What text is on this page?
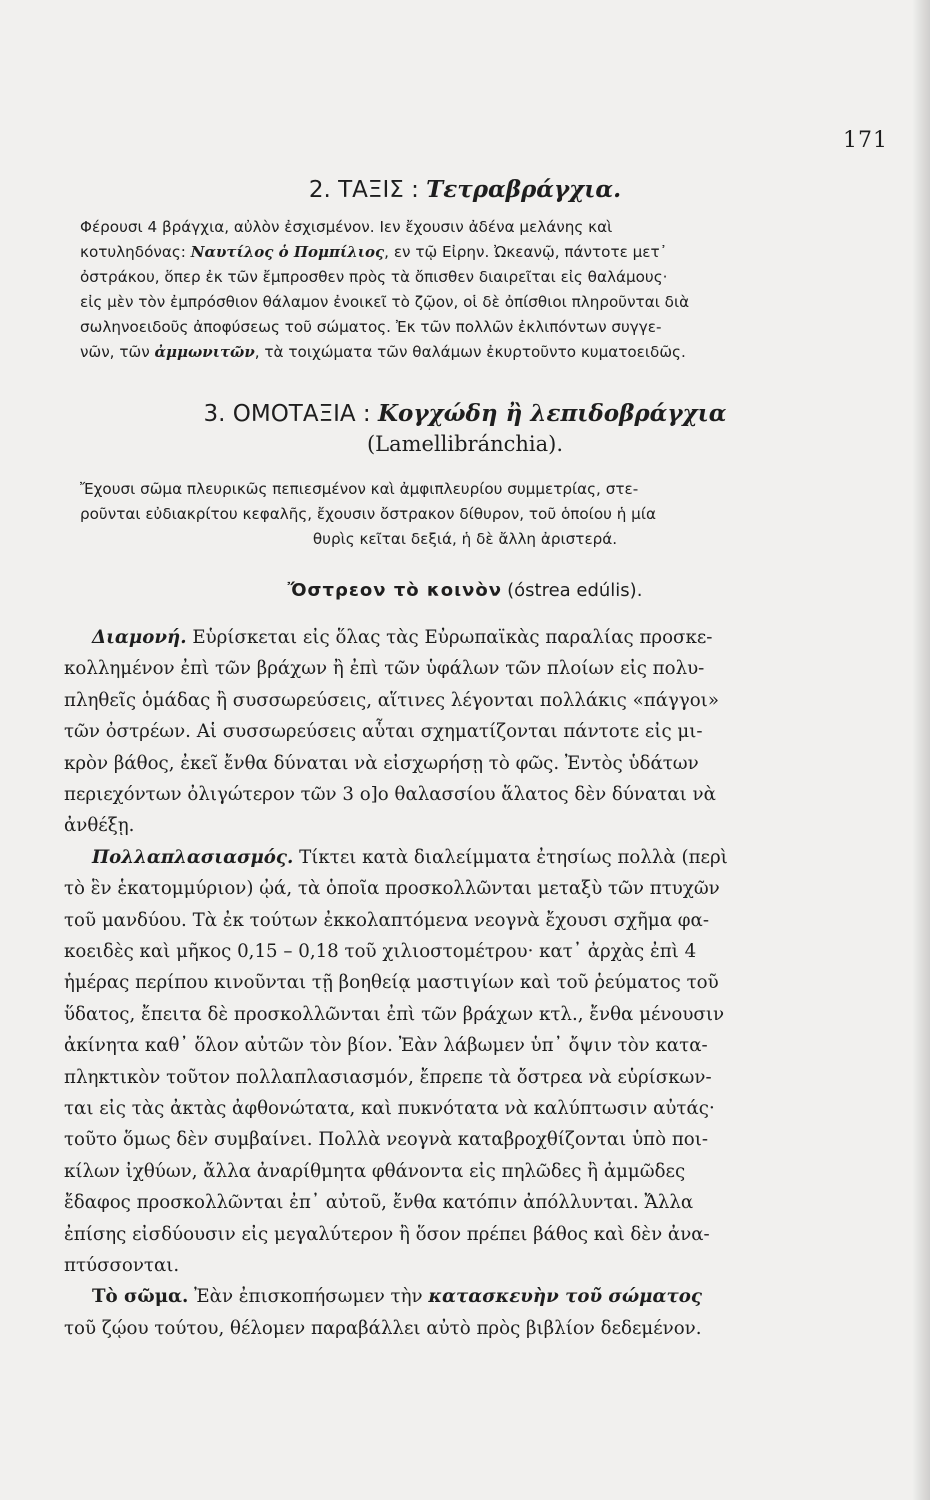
171
2. ΤΑΞΙΣ : Τετραβράγχια.
Φέρουσι 4 βράγχια, αὐλὸν ἐσχισμένον. Ιεν ἔχουσιν ἀδένα μελάνης καὶ
κοτυληδόνας: Ναυτίλος ὁ Πομπίλιος, εν τῷ Εἰρην. Ὠκεανῷ, πάντοτε μετ᾽
ὀστράκου, ὅπερ ἐκ τῶν ἔμπροσθεν πρὸς τὰ ὄπισθεν διαιρεῖται εἰς θαλάμους·
εἰς μὲν τὸν ἐμπρόσθιον θάλαμον ἐνοικεῖ τὸ ζῷον, οἱ δὲ ὀπίσθιοι πληροῦνται διὰ
σωληνοειδοῦς ἀποφύσεως τοῦ σώματος. Ἐκ τῶν πολλῶν ἐκλιπόντων συγγε-
νῶν, τῶν ἀμμωνιτῶν, τὰ τοιχώματα τῶν θαλάμων ἐκυρτοῦντο κυματοειδῶς.
3. ΟΜΟΤΑΞΙΑ : Κογχώδη ἢ λεπιδοβράγχια
(Lamellibránchia).
Ἔχουσι σῶμα πλευρικῶς πεπιεσμένον καὶ ἀμφιπλευρίου συμμετρίας, στε-
ροῦνται εὐδιακρίτου κεφαλῆς, ἔχουσιν ὄστρακον δίθυρον, τοῦ ὁποίου ἡ μία
θυρὶς κεῖται δεξιά, ἡ δὲ ἄλλη ἀριστερά.
Ὄστρεον τὸ κοινὸν (óstrea edúlis).
Διαμονή. Εὑρίσκεται εἰς ὅλας τὰς Εὐρωπαϊκὰς παραλίας προσκε-
κολλημένον ἐπὶ τῶν βράχων ἢ ἐπὶ τῶν ὑφάλων τῶν πλοίων εἰς πολυ-
πληθεῖς ὁμάδας ἢ συσσωρεύσεις, αἵτινες λέγονται πολλάκις «πάγγοι»
τῶν ὀστρέων. Αἱ συσσωρεύσεις αὗται σχηματίζονται πάντοτε εἰς μι-
κρὸν βάθος, ἐκεῖ ἔνθα δύναται νὰ εἰσχωρήσῃ τὸ φῶς. Ἐντὸς ὑδάτων
περιεχόντων ὀλιγώτερον τῶν 3 ο]ο θαλασσίου ἅλατος δὲν δύναται νὰ
ἀνθέξῃ.
Πολλαπλασιασμός. Τίκτει κατὰ διαλείμματα ἐτησίως πολλὰ (περὶ
τὸ ἓν ἑκατομμύριον) ᾠά, τὰ ὁποῖα προσκολλῶνται μεταξὺ τῶν πτυχῶν
τοῦ μανδύου. Τὰ ἐκ τούτων ἐκκολαπτόμενα νεογνὰ ἔχουσι σχῆμα φα-
κοειδὲς καὶ μῆκος 0,15 – 0,18 τοῦ χιλιοστομέτρου· κατ᾽ ἀρχὰς ἐπὶ 4
ἡμέρας περίπου κινοῦνται τῇ βοηθείᾳ μαστιγίων καὶ τοῦ ῥεύματος τοῦ
ὕδατος, ἔπειτα δὲ προσκολλῶνται ἐπὶ τῶν βράχων κτλ., ἔνθα μένουσιν
ἀκίνητα καθ᾽ ὅλον αὐτῶν τὸν βίον. Ἐὰν λάβωμεν ὑπ᾽ ὄψιν τὸν κατα-
πληκτικὸν τοῦτον πολλαπλασιασμόν, ἔπρεπε τὰ ὄστρεα νὰ εὑρίσκων-
ται εἰς τὰς ἀκτὰς ἀφθονώτατα, καὶ πυκνότατα νὰ καλύπτωσιν αὐτάς·
τοῦτο ὅμως δὲν συμβαίνει. Πολλὰ νεογνὰ καταβροχθίζονται ὑπὸ ποι-
κίλων ἰχθύων, ἄλλα ἀναρίθμητα φθάνοντα εἰς πηλῶδες ἢ ἀμμῶδες
ἔδαφος προσκολλῶνται ἐπ᾽ αὐτοῦ, ἔνθα κατόπιν ἀπόλλυνται. Ἄλλα
ἐπίσης εἰσδύουσιν εἰς μεγαλύτερον ἢ ὅσον πρέπει βάθος καὶ δὲν ἀνα-
πτύσσονται.
Τὸ σῶμα. Ἐὰν ἐπισκοπήσωμεν τὴν κατασκευὴν τοῦ σώματος
τοῦ ζῴου τούτου, θέλομεν παραβάλλει αὐτὸ πρὸς βιβλίον δεδεμένον.
